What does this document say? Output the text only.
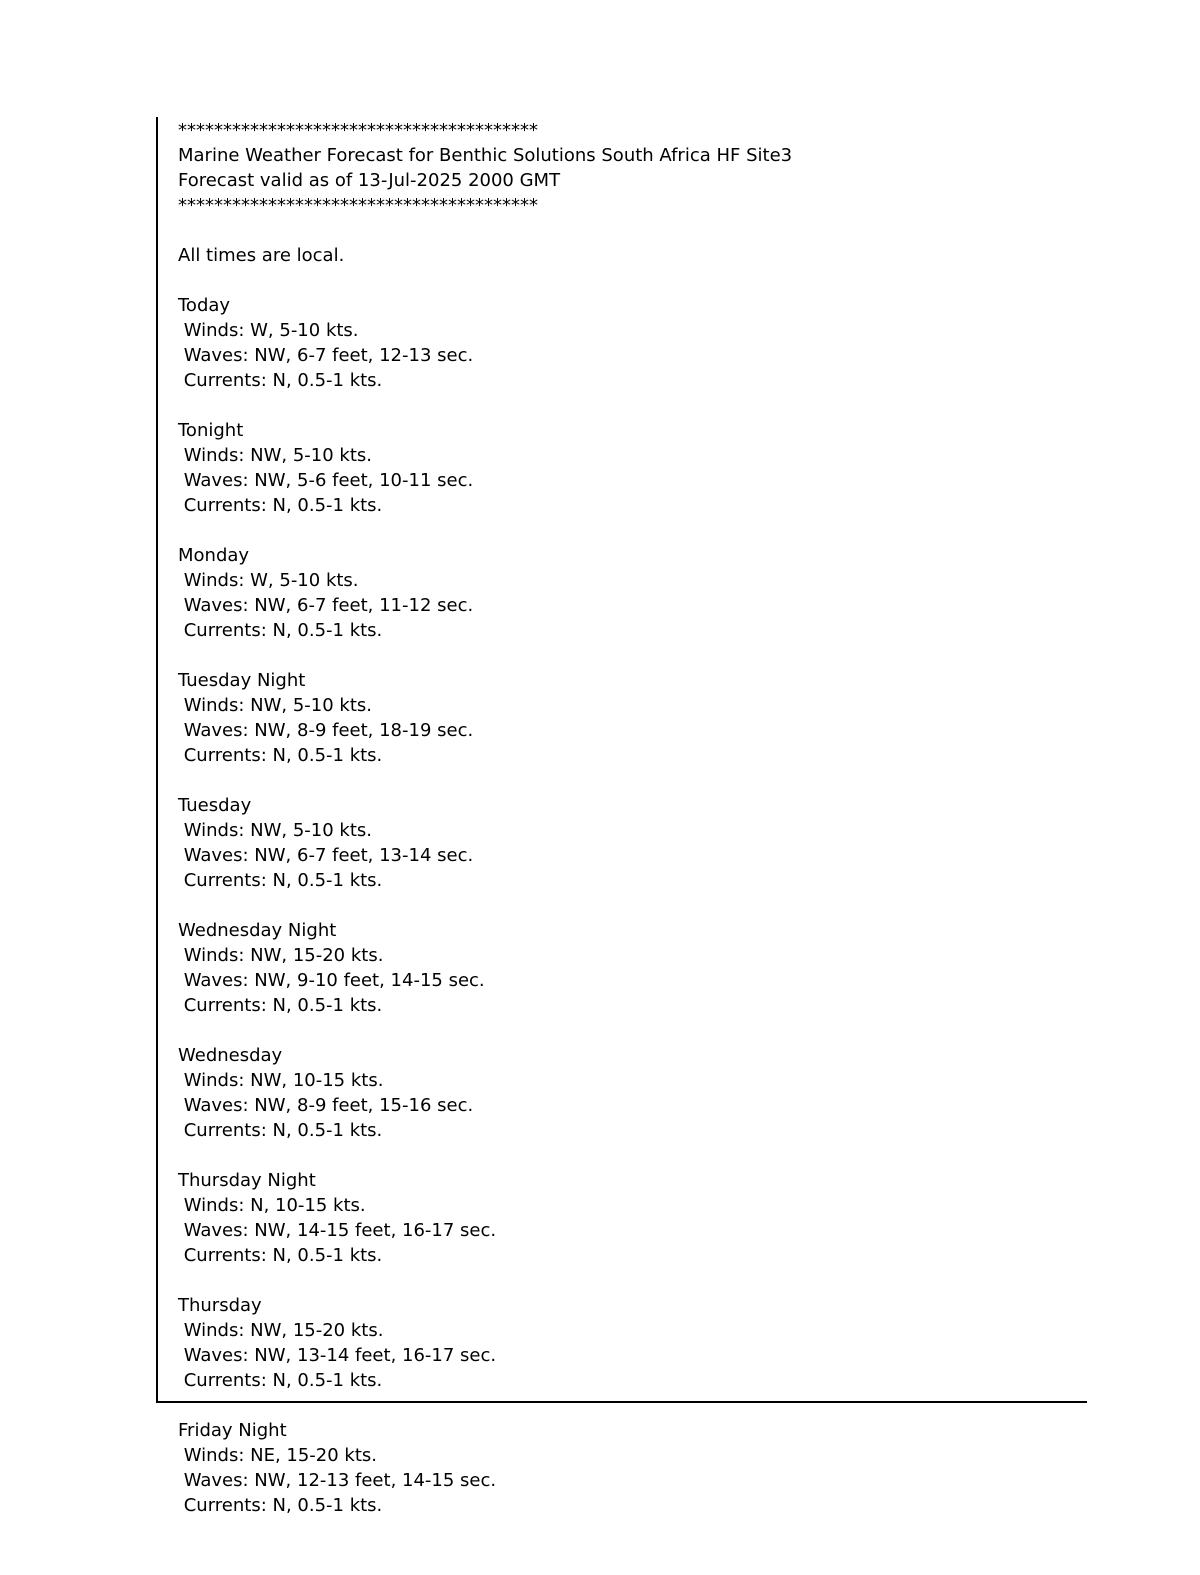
****************************************
Marine Weather Forecast for Benthic Solutions South Africa HF Site3
Forecast valid as of 13-Jul-2025 2000 GMT
****************************************
All times are local.
Today
Winds: W, 5-10 kts.
Waves: NW, 6-7 feet, 12-13 sec.
Currents: N, 0.5-1 kts.
Tonight
Winds: NW, 5-10 kts.
Waves: NW, 5-6 feet, 10-11 sec.
Currents: N, 0.5-1 kts.
Monday
Winds: W, 5-10 kts.
Waves: NW, 6-7 feet, 11-12 sec.
Currents: N, 0.5-1 kts.
Tuesday Night
Winds: NW, 5-10 kts.
Waves: NW, 8-9 feet, 18-19 sec.
Currents: N, 0.5-1 kts.
Tuesday
Winds: NW, 5-10 kts.
Waves: NW, 6-7 feet, 13-14 sec.
Currents: N, 0.5-1 kts.
Wednesday Night
Winds: NW, 15-20 kts.
Waves: NW, 9-10 feet, 14-15 sec.
Currents: N, 0.5-1 kts.
Wednesday
Winds: NW, 10-15 kts.
Waves: NW, 8-9 feet, 15-16 sec.
Currents: N, 0.5-1 kts.
Thursday Night
Winds: N, 10-15 kts.
Waves: NW, 14-15 feet, 16-17 sec.
Currents: N, 0.5-1 kts.
Thursday
Winds: NW, 15-20 kts.
Waves: NW, 13-14 feet, 16-17 sec.
Currents: N, 0.5-1 kts.
Friday Night
Winds: NE, 15-20 kts.
Waves: NW, 12-13 feet, 14-15 sec.
Currents: N, 0.5-1 kts.
